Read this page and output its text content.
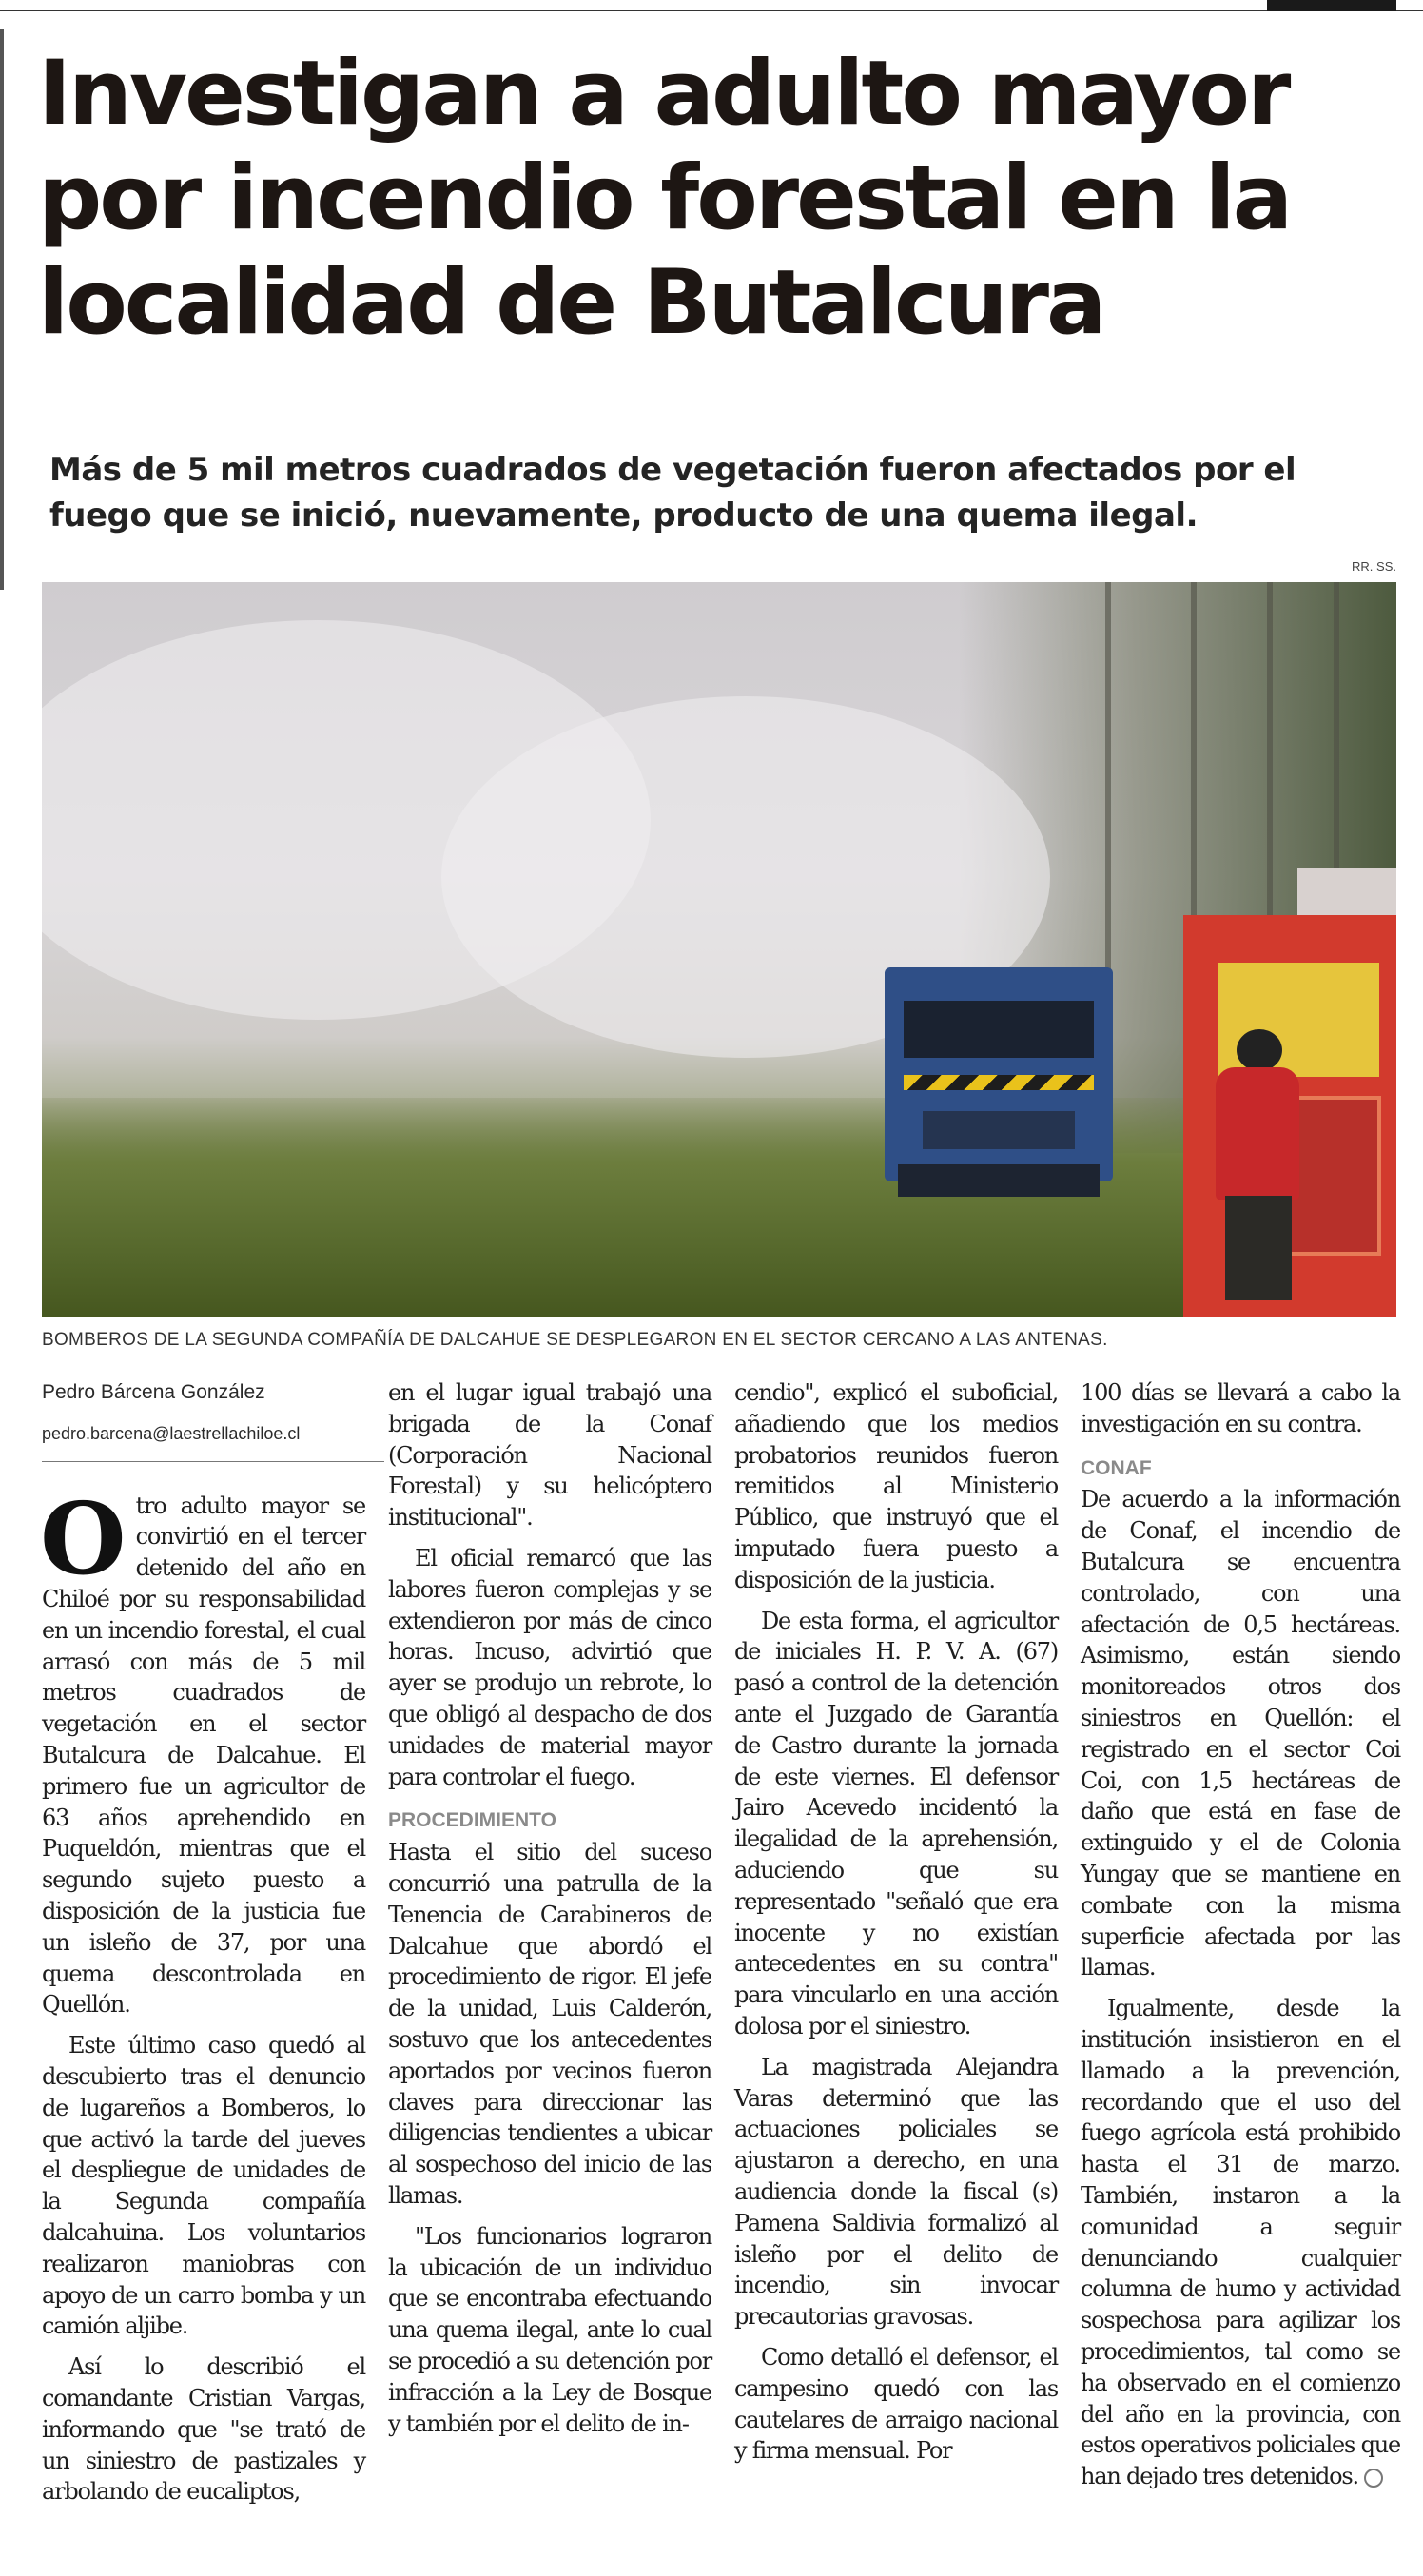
Investigan a adulto mayor por incendio forestal en la localidad de Butalcura

Más de 5 mil metros cuadrados de vegetación fueron afectados por el fuego que se inició, nuevamente, producto de una quema ilegal.

RR. SS.

BOMBEROS DE LA SEGUNDA COMPAÑÍA DE DALCAHUE SE DESPLEGARON EN EL SECTOR CERCANO A LAS ANTENAS.

Pedro Bárcena González

pedro.barcena@laestrellachiloe.cl

Otro adulto mayor se convirtió en el tercer detenido del año en Chiloé por su responsabilidad en un incendio forestal, el cual arrasó con más de 5 mil metros cuadrados de vegetación en el sector Butalcura de Dalcahue. El primero fue un agricultor de 63 años aprehendido en Puqueldón, mientras que el segundo sujeto puesto a disposición de la justicia fue un isleño de 37, por una quema descontrolada en Quellón.

Este último caso quedó al descubierto tras el denuncio de lugareños a Bomberos, lo que activó la tarde del jueves el despliegue de unidades de la Segunda compañía dalcahuina. Los voluntarios realizaron maniobras con apoyo de un carro bomba y un camión aljibe.

Así lo describió el comandante Cristian Vargas, informando que "se trató de un siniestro de pastizales y arbolando de eucaliptos,

en el lugar igual trabajó una brigada de la Conaf (Corporación Nacional Forestal) y su helicóptero institucional".

El oficial remarcó que las labores fueron complejas y se extendieron por más de cinco horas. Incuso, advirtió que ayer se produjo un rebrote, lo que obligó al despacho de dos unidades de material mayor para controlar el fuego.

PROCEDIMIENTO

Hasta el sitio del suceso concurrió una patrulla de la Tenencia de Carabineros de Dalcahue que abordó el procedimiento de rigor. El jefe de la unidad, Luis Calderón, sostuvo que los antecedentes aportados por vecinos fueron claves para direccionar las diligencias tendientes a ubicar al sospechoso del inicio de las llamas.

"Los funcionarios lograron la ubicación de un individuo que se encontraba efectuando una quema ilegal, ante lo cual se procedió a su detención por infracción a la Ley de Bosque y también por el delito de in-

cendio", explicó el suboficial, añadiendo que los medios probatorios reunidos fueron remitidos al Ministerio Público, que instruyó que el imputado fuera puesto a disposición de la justicia.

De esta forma, el agricultor de iniciales H. P. V. A. (67) pasó a control de la detención ante el Juzgado de Garantía de Castro durante la jornada de este viernes. El defensor Jairo Acevedo incidentó la ilegalidad de la aprehensión, aduciendo que su representado "señaló que era inocente y no existían antecedentes en su contra" para vincularlo en una acción dolosa por el siniestro.

La magistrada Alejandra Varas determinó que las actuaciones policiales se ajustaron a derecho, en una audiencia donde la fiscal (s) Pamena Saldivia formalizó al isleño por el delito de incendio, sin invocar precautorias gravosas.

Como detalló el defensor, el campesino quedó con las cautelares de arraigo nacional y firma mensual. Por

100 días se llevará a cabo la investigación en su contra.

CONAF

De acuerdo a la información de Conaf, el incendio de Butalcura se encuentra controlado, con una afectación de 0,5 hectáreas. Asimismo, están siendo monitoreados otros dos siniestros en Quellón: el registrado en el sector Coi Coi, con 1,5 hectáreas de daño que está en fase de extinguido y el de Colonia Yungay que se mantiene en combate con la misma superficie afectada por las llamas.

Igualmente, desde la institución insistieron en el llamado a la prevención, recordando que el uso del fuego agrícola está prohibido hasta el 31 de marzo. También, instaron a la comunidad a seguir denunciando cualquier columna de humo y actividad sospechosa para agilizar los procedimientos, tal como se ha observado en el comienzo del año en la provincia, con estos operativos policiales que han dejado tres detenidos.
